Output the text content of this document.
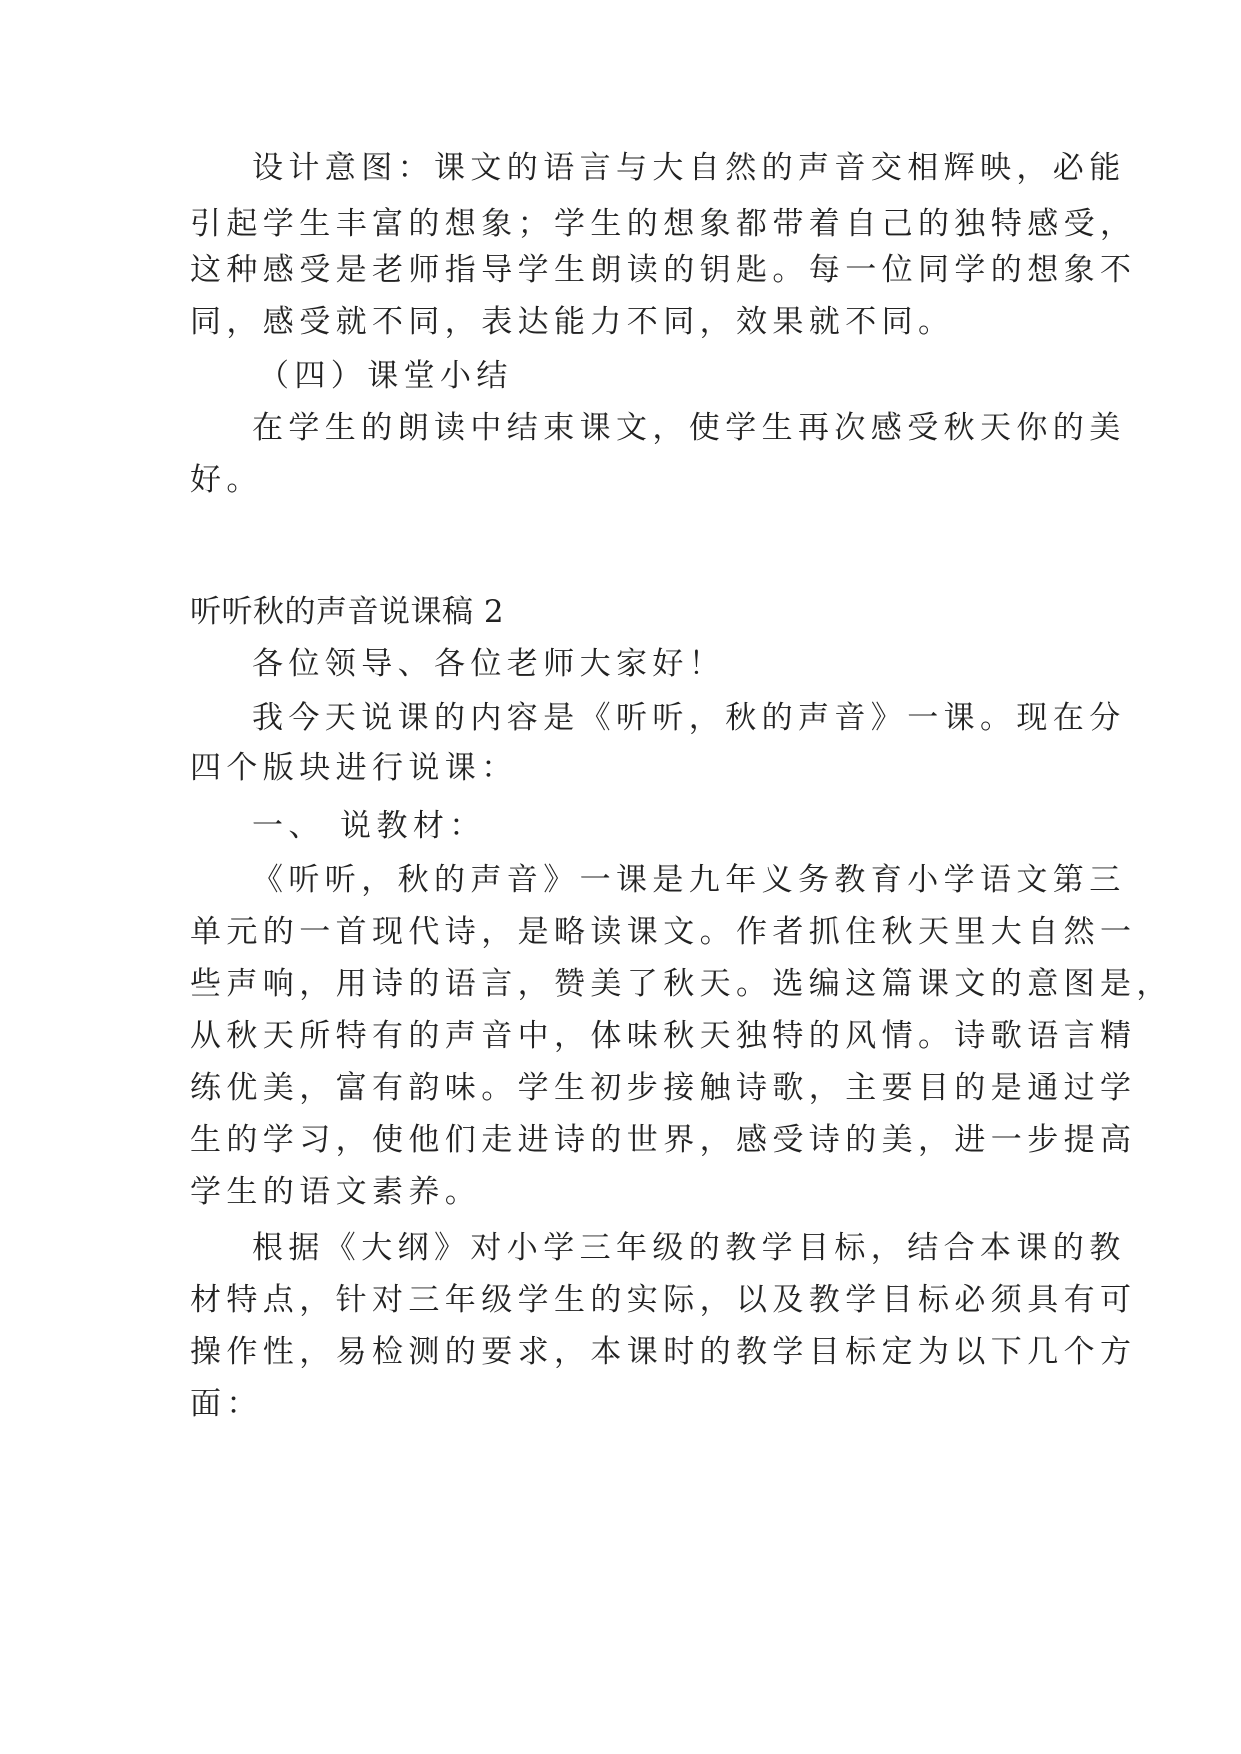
设计意图：课文的语言与大自然的声音交相辉映，必能
引起学生丰富的想象；学生的想象都带着自己的独特感受，
这种感受是老师指导学生朗读的钥匙。每一位同学的想象不
同，感受就不同，表达能力不同，效果就不同。
（四）课堂小结
在学生的朗读中结束课文，使学生再次感受秋天你的美
好。
听听秋的声音说课稿 2
各位领导、各位老师大家好！
我今天说课的内容是《听听，秋的声音》一课。现在分
四个版块进行说课：
一、 说教材：
《听听，秋的声音》一课是九年义务教育小学语文第三
单元的一首现代诗，是略读课文。作者抓住秋天里大自然一
些声响，用诗的语言，赞美了秋天。选编这篇课文的意图是，
从秋天所特有的声音中，体味秋天独特的风情。诗歌语言精
练优美，富有韵味。学生初步接触诗歌，主要目的是通过学
生的学习，使他们走进诗的世界，感受诗的美，进一步提高
学生的语文素养。
根据《大纲》对小学三年级的教学目标，结合本课的教
材特点，针对三年级学生的实际，以及教学目标必须具有可
操作性，易检测的要求，本课时的教学目标定为以下几个方
面：
